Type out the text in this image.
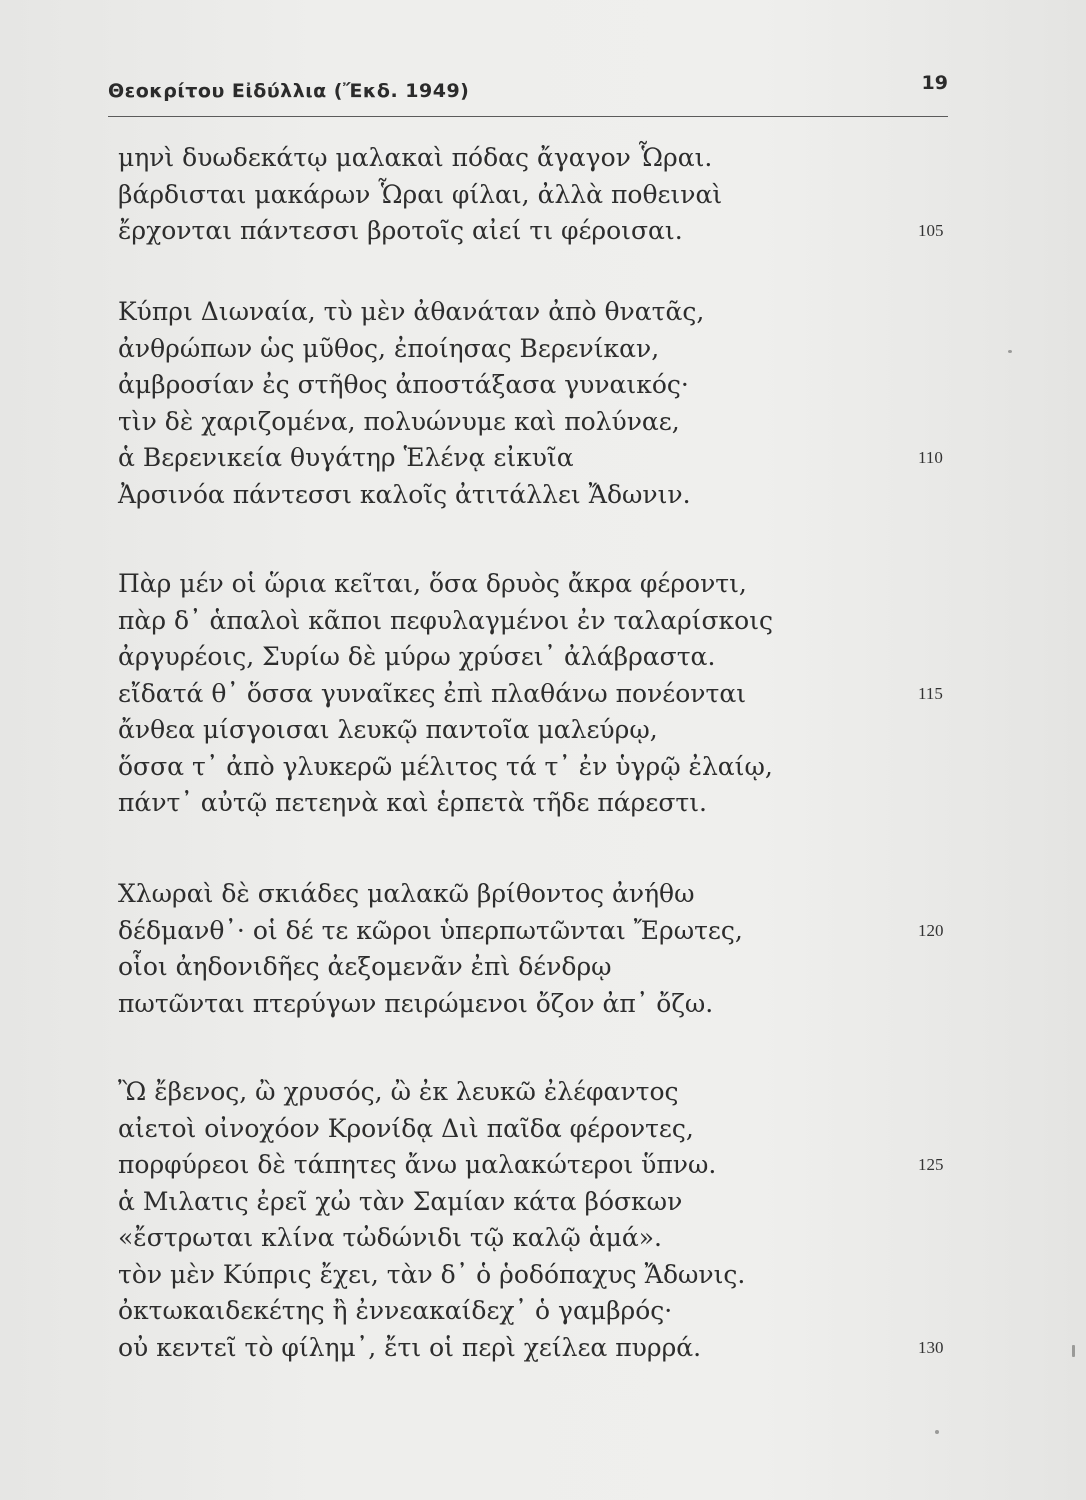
Θεοκρίτου Εἰδύλλια (Ἔκδ. 1949)	19
μηνὶ δυωδεκάτῳ μαλακαὶ πόδας ἄγαγον Ὧραι.
βάρδισται μακάρων Ὧραι φίλαι, ἀλλὰ ποθειναὶ
ἔρχονται πάντεσσι βροτοῖς αἰεί τι φέροισαι.	105
Κύπρι Διωναία, τὺ μὲν ἀθανάταν ἀπὸ θνατᾶς,
ἀνθρώπων ὡς μῦθος, ἐποίησας Βερενίκαν,
ἀμβροσίαν ἐς στῆθος ἀποστάξασα γυναικός·
τὶν δὲ χαριζομένα, πολυώνυμε καὶ πολύναε,
ἁ Βερενικεία θυγάτηρ Ἑλένᾳ εἰκυῖα	110
Ἀρσινόα πάντεσσι καλοῖς ἀτιτάλλει Ἄδωνιν.
Πὰρ μέν οἱ ὥρια κεῖται, ὅσα δρυὸς ἄκρα φέροντι,
πὰρ δ᾽ ἁπαλοὶ κᾶποι πεφυλαγμένοι ἐν ταλαρίσκοις
ἀργυρέοις, Συρίω δὲ μύρω χρύσει᾽ ἀλάβραστα.
εἴδατά θ᾽ ὅσσα γυναῖκες ἐπὶ πλαθάνω πονέονται	115
ἄνθεα μίσγοισαι λευκῷ παντοῖα μαλεύρῳ,
ὅσσα τ᾽ ἀπὸ γλυκερῶ μέλιτος τά τ᾽ ἐν ὑγρῷ ἐλαίῳ,
πάντ᾽ αὐτῷ πετεηνὰ καὶ ἑρπετὰ τῆδε πάρεστι.
Χλωραὶ δὲ σκιάδες μαλακῶ βρίθοντος ἀνήθω
δέδμανθ᾽· οἱ δέ τε κῶροι ὑπερπωτῶνται Ἔρωτες,	120
οἷοι ἀηδονιδῆες ἀεξομενᾶν ἐπὶ δένδρῳ
πωτῶνται πτερύγων πειρώμενοι ὄζον ἀπ᾽ ὄζω.
Ὢ ἔβενος, ὢ χρυσός, ὢ ἐκ λευκῶ ἐλέφαντος
αἰετοὶ οἰνοχόον Κρονίδᾳ Διὶ παῖδα φέροντες,
πορφύρεοι δὲ τάπητες ἄνω μαλακώτεροι ὕπνω.	125
ἁ Μιλατις ἐρεῖ χὠ τὰν Σαμίαν κάτα βόσκων
«ἔστρωται κλίνα τὠδώνιδι τῷ καλῷ ἁμά».
τὸν μὲν Κύπρις ἔχει, τὰν δ᾽ ὁ ῥοδόπαχυς Ἄδωνις.
ὀκτωκαιδεκέτης ἢ ἐννεακαίδεχ᾽ ὁ γαμβρός·
οὐ κεντεῖ τὸ φίλημ᾽, ἔτι οἱ περὶ χείλεα πυρρά.	130
